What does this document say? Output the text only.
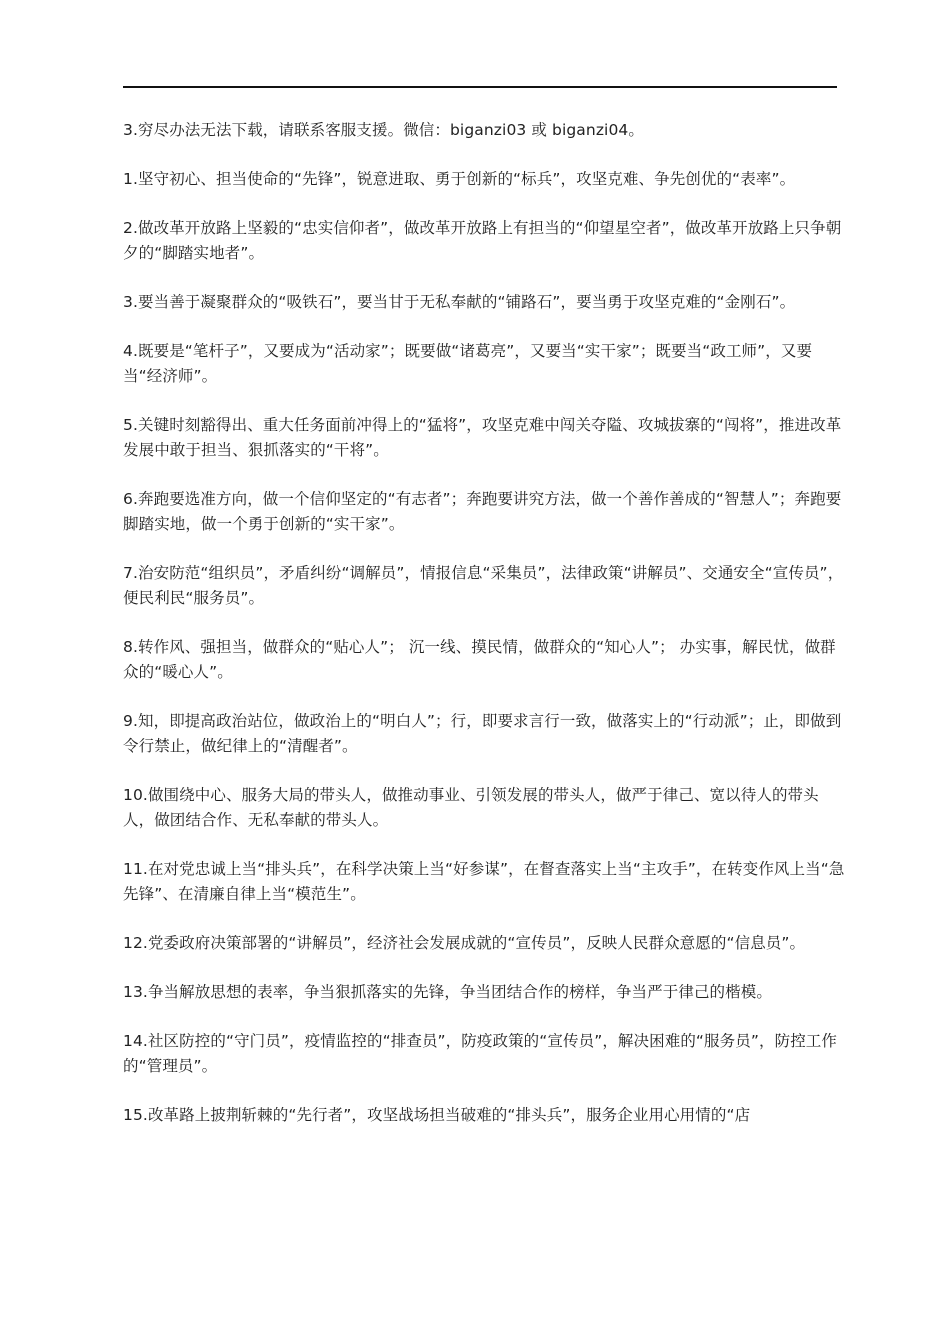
3.穷尽办法无法下载，请联系客服支援。微信：biganzi03 或 biganzi04。

1.坚守初心、担当使命的“先锋”，锐意进取、勇于创新的“标兵”，攻坚克难、争先创优的“表率”。

2.做改革开放路上坚毅的“忠实信仰者”，做改革开放路上有担当的“仰望星空者”，做改革开放路上只争朝夕的“脚踏实地者”。

3.要当善于凝聚群众的“吸铁石”，要当甘于无私奉献的“铺路石”，要当勇于攻坚克难的“金刚石”。

4.既要是“笔杆子”，又要成为“活动家”；既要做“诸葛亮”，又要当“实干家”；既要当“政工师”，又要当“经济师”。

5.关键时刻豁得出、重大任务面前冲得上的“猛将”，攻坚克难中闯关夺隘、攻城拔寨的“闯将”，推进改革发展中敢于担当、狠抓落实的“干将”。

6.奔跑要选准方向，做一个信仰坚定的“有志者”；奔跑要讲究方法，做一个善作善成的“智慧人”；奔跑要脚踏实地，做一个勇于创新的“实干家”。

7.治安防范“组织员”，矛盾纠纷“调解员”，情报信息“采集员”，法律政策“讲解员”、交通安全“宣传员”，便民利民“服务员”。

8.转作风、强担当，做群众的“贴心人”； 沉一线、摸民情，做群众的“知心人”； 办实事，解民忧，做群众的“暖心人”。

9.知，即提高政治站位，做政治上的“明白人”；行，即要求言行一致，做落实上的“行动派”；止，即做到令行禁止，做纪律上的“清醒者”。

10.做围绕中心、服务大局的带头人，做推动事业、引领发展的带头人，做严于律己、宽以待人的带头人，做团结合作、无私奉献的带头人。

11.在对党忠诚上当“排头兵”，在科学决策上当“好参谋”，在督查落实上当“主攻手”，在转变作风上当“急先锋”、在清廉自律上当“模范生”。

12.党委政府决策部署的“讲解员”，经济社会发展成就的“宣传员”，反映人民群众意愿的“信息员”。

13.争当解放思想的表率，争当狠抓落实的先锋，争当团结合作的榜样，争当严于律己的楷模。

14.社区防控的“守门员”，疫情监控的“排查员”，防疫政策的“宣传员”，解决困难的“服务员”，防控工作的“管理员”。

15.改革路上披荆斩棘的“先行者”，攻坚战场担当破难的“排头兵”，服务企业用心用情的“店
